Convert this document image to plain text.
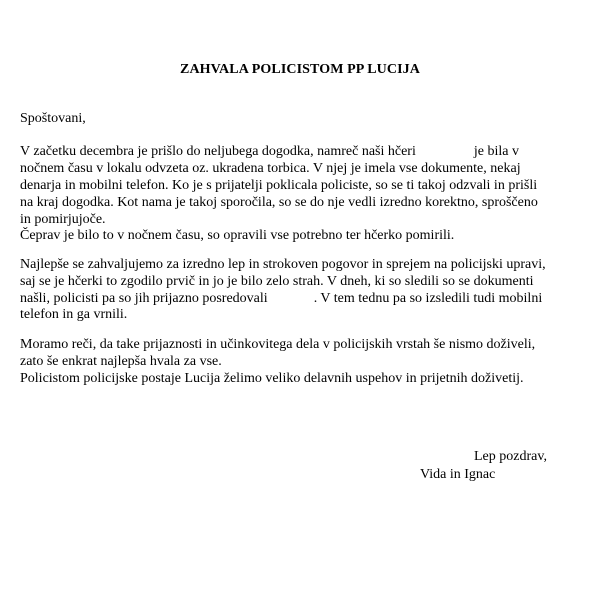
ZAHVALA POLICISTOM PP LUCIJA
Spoštovani,
V začetku decembra je prišlo do neljubega dogodka, namreč naši hčeri	je bila v
nočnem času v lokalu odvzeta oz. ukradena torbica. V njej je imela vse dokumente, nekaj
denarja in mobilni telefon. Ko je s prijatelji poklicala policiste, so se ti takoj odzvali in prišli
na kraj dogodka. Kot nama je takoj sporočila, so se do nje vedli izredno korektno, sproščeno
in pomirjujoče.
Čeprav je bilo to v nočnem času, so opravili vse potrebno ter hčerko pomirili.
Najlepše se zahvaljujemo za izredno lep in strokoven pogovor in sprejem na policijski upravi,
saj se je hčerki to zgodilo prvič in jo je bilo zelo strah. V dneh, ki so sledili so se dokumenti
našli, policisti pa so jih prijazno posredovali	. V tem tednu pa so izsledili tudi mobilni
telefon in ga vrnili.
Moramo reči, da take prijaznosti in učinkovitega dela v policijskih vrstah še nismo doživeli,
zato še enkrat najlepša hvala za vse.
Policistom policijske postaje Lucija želimo veliko delavnih uspehov in prijetnih doživetij.
Lep pozdrav,
Vida in Ignac
